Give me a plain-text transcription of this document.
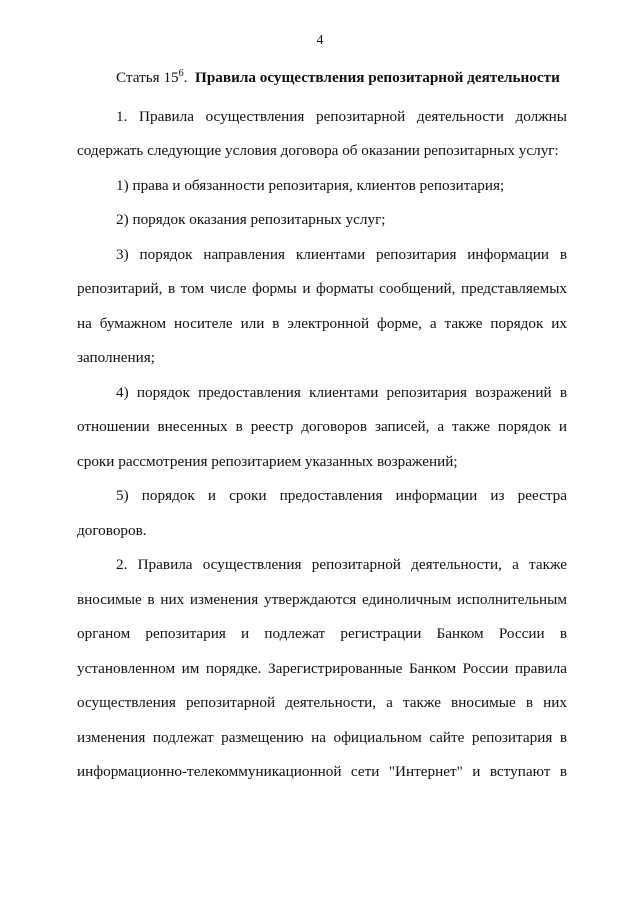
4
Статья $15^6$. Правила осуществления репозитарной деятельности
1. Правила осуществления репозитарной деятельности должны
содержать следующие условия договора об оказании репозитарных услуг:
1) права и обязанности репозитария, клиентов репозитария;
2) порядок оказания репозитарных услуг;
3) порядок направления клиентами репозитария информации в
репозитарий, в том числе формы и форматы сообщений, представляемых
на бумажном носителе или в электронной форме, а также порядок их
заполнения;
4) порядок предоставления клиентами репозитария возражений в
отношении внесенных в реестр договоров записей, а также порядок и
сроки рассмотрения репозитарием указанных возражений;
5) порядок и сроки предоставления информации из реестра
договоров.
2. Правила осуществления репозитарной деятельности, а также
вносимые в них изменения утверждаются единоличным исполнительным
органом репозитария и подлежат регистрации Банком России в
установленном им порядке. Зарегистрированные Банком России правила
осуществления репозитарной деятельности, а также вносимые в них
изменения подлежат размещению на официальном сайте репозитария в
информационно-телекоммуникационной сети "Интернет" и вступают в
